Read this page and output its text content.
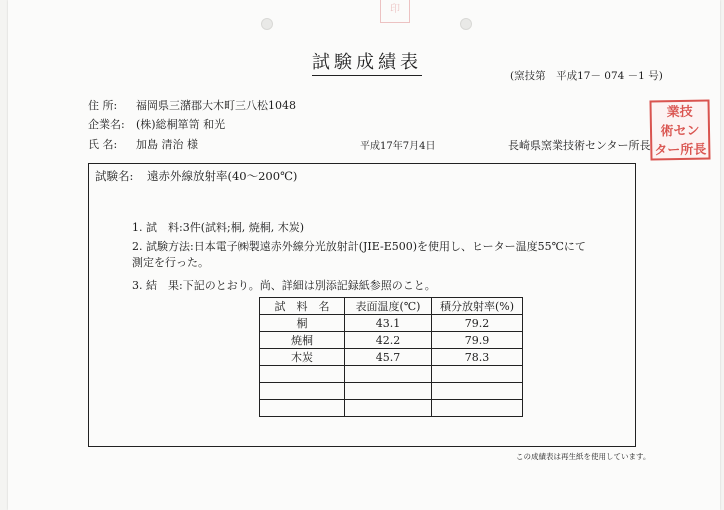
印
試験成績表
(窯技第　平成17－ 074 －1 号)
住 所: 福岡県三潴郡大木町三八松1048
企業名: (株)総桐箪笥 和光
氏 名: 加島 清治 様	平成17年7月4日	長崎県窯業技術センター所長
業技
術セン
ター所長
試験名: 遠赤外線放射率(40～200℃)
1. 試　料:3件(試料;桐, 焼桐, 木炭)
2. 試験方法:日本電子㈱製遠赤外線分光放射計(JIE-E500)を使用し、ヒーター温度55℃にて
測定を行った。
3. 結　果:下記のとおり。尚、詳細は別添記録紙参照のこと。
試　料　名	表面温度(℃)	積分放射率(%)
桐	43.1	79.2
焼桐	42.2	79.9
木炭	45.7	78.3

この成績表は再生紙を使用しています。
